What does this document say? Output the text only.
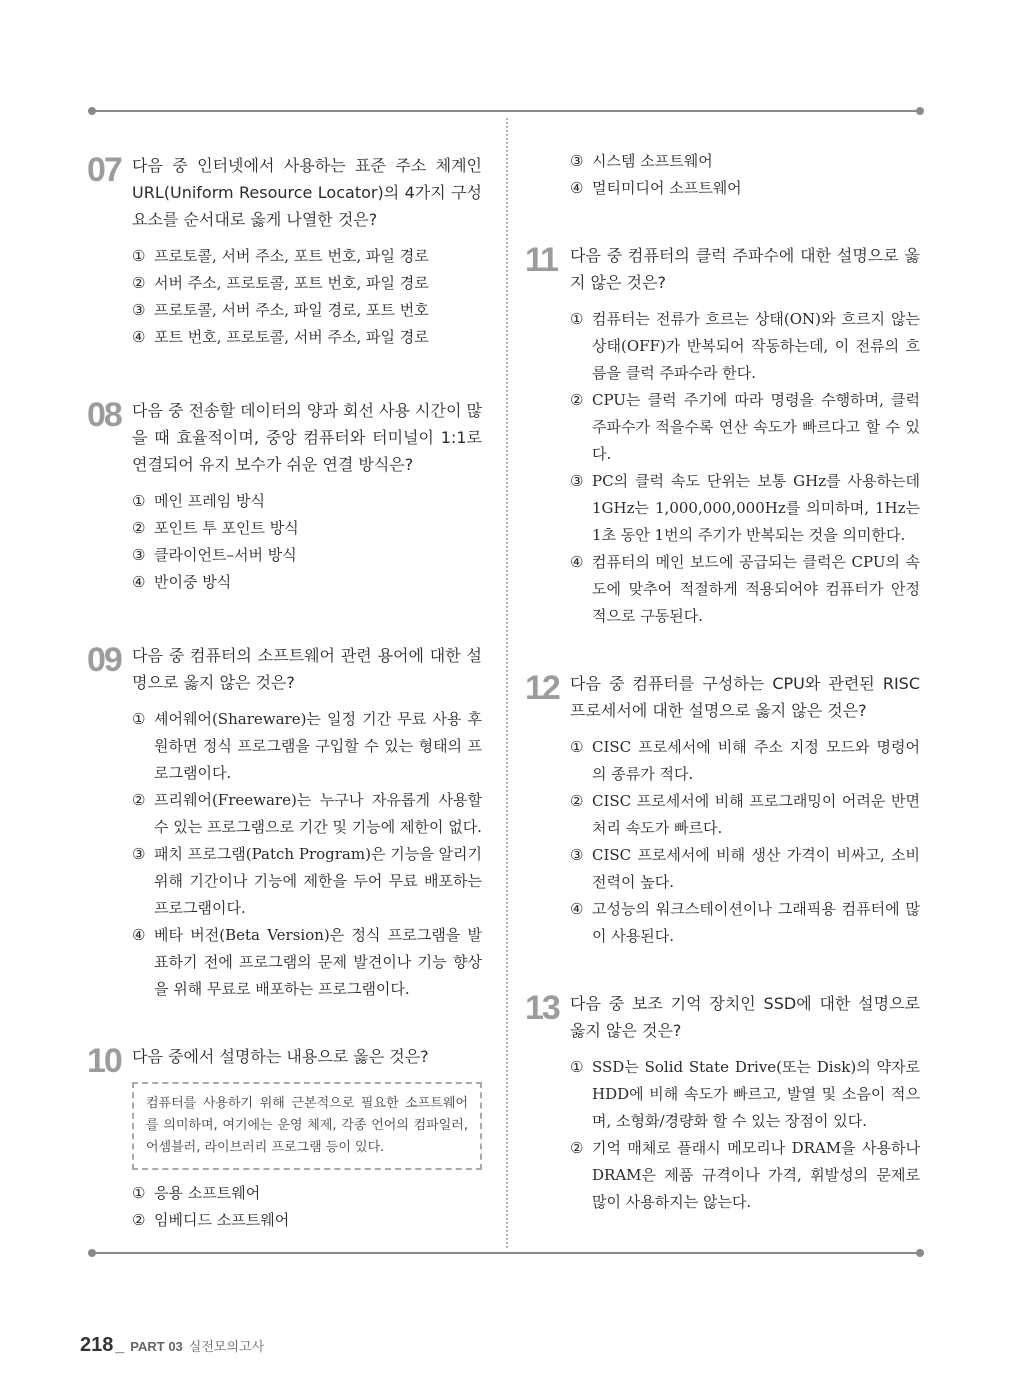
07 다음 중 인터넷에서 사용하는 표준 주소 체계인 URL(Uniform Resource Locator)의 4가지 구성 요소를 순서대로 옳게 나열한 것은?
① 프로토콜, 서버 주소, 포트 번호, 파일 경로
② 서버 주소, 프로토콜, 포트 번호, 파일 경로
③ 프로토콜, 서버 주소, 파일 경로, 포트 번호
④ 포트 번호, 프로토콜, 서버 주소, 파일 경로
08 다음 중 전송할 데이터의 양과 회선 사용 시간이 많을 때 효율적이며, 중앙 컴퓨터와 터미널이 1:1로 연결되어 유지 보수가 쉬운 연결 방식은?
① 메인 프레임 방식
② 포인트 투 포인트 방식
③ 클라이언트–서버 방식
④ 반이중 방식
09 다음 중 컴퓨터의 소프트웨어 관련 용어에 대한 설명으로 옳지 않은 것은?
① 셰어웨어(Shareware)는 일정 기간 무료 사용 후 원하면 정식 프로그램을 구입할 수 있는 형태의 프로그램이다.
② 프리웨어(Freeware)는 누구나 자유롭게 사용할 수 있는 프로그램으로 기간 및 기능에 제한이 없다.
③ 패치 프로그램(Patch Program)은 기능을 알리기 위해 기간이나 기능에 제한을 두어 무료 배포하는 프로그램이다.
④ 베타 버전(Beta Version)은 정식 프로그램을 발표하기 전에 프로그램의 문제 발견이나 기능 향상을 위해 무료로 배포하는 프로그램이다.
10 다음 중에서 설명하는 내용으로 옳은 것은?
컴퓨터를 사용하기 위해 근본적으로 필요한 소프트웨어를 의미하며, 여기에는 운영 체제, 각종 언어의 컴파일러, 어셈블러, 라이브러리 프로그램 등이 있다.
① 응용 소프트웨어
② 임베디드 소프트웨어
③ 시스템 소프트웨어
④ 멀티미디어 소프트웨어
11 다음 중 컴퓨터의 클럭 주파수에 대한 설명으로 옳지 않은 것은?
① 컴퓨터는 전류가 흐르는 상태(ON)와 흐르지 않는 상태(OFF)가 반복되어 작동하는데, 이 전류의 흐름을 클럭 주파수라 한다.
② CPU는 클럭 주기에 따라 명령을 수행하며, 클럭 주파수가 적을수록 연산 속도가 빠르다고 할 수 있다.
③ PC의 클럭 속도 단위는 보통 GHz를 사용하는데 1GHz는 1,000,000,000Hz를 의미하며, 1Hz는 1초 동안 1번의 주기가 반복되는 것을 의미한다.
④ 컴퓨터의 메인 보드에 공급되는 클럭은 CPU의 속도에 맞추어 적절하게 적용되어야 컴퓨터가 안정적으로 구동된다.
12 다음 중 컴퓨터를 구성하는 CPU와 관련된 RISC 프로세서에 대한 설명으로 옳지 않은 것은?
① CISC 프로세서에 비해 주소 지정 모드와 명령어의 종류가 적다.
② CISC 프로세서에 비해 프로그래밍이 어려운 반면 처리 속도가 빠르다.
③ CISC 프로세서에 비해 생산 가격이 비싸고, 소비 전력이 높다.
④ 고성능의 워크스테이션이나 그래픽용 컴퓨터에 많이 사용된다.
13 다음 중 보조 기억 장치인 SSD에 대한 설명으로 옳지 않은 것은?
① SSD는 Solid State Drive(또는 Disk)의 약자로 HDD에 비해 속도가 빠르고, 발열 및 소음이 적으며, 소형화/경량화 할 수 있는 장점이 있다.
② 기억 매체로 플래시 메모리나 DRAM을 사용하나 DRAM은 제품 규격이나 가격, 휘발성의 문제로 많이 사용하지는 않는다.
218 _ PART 03 실전모의고사
